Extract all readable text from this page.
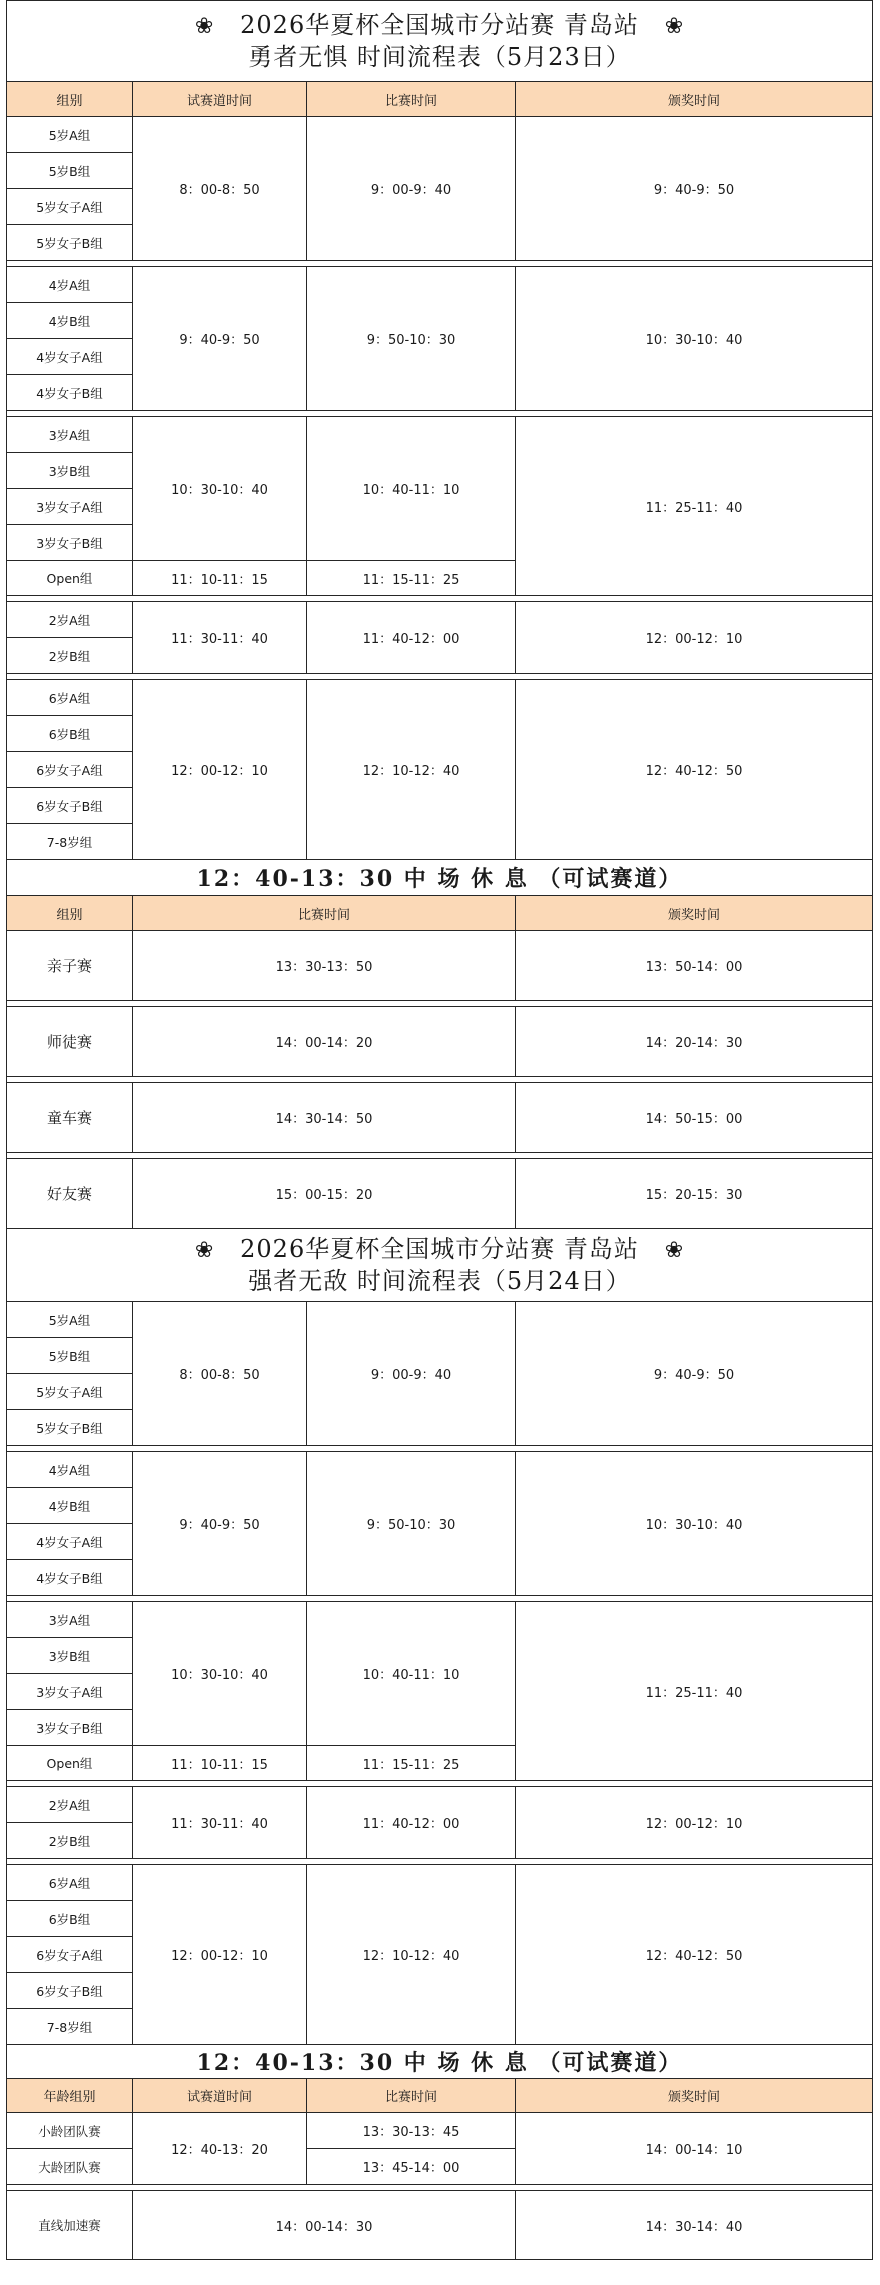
❀ 2026华夏杯全国城市分站赛 青岛站 ❀
勇者无惧 时间流程表（5月23日）			

组别	试赛道时间	比赛时间	颁奖时间
5岁A组	8：00-8：50	9：00-9：40	9：40-9：50
5岁B组			
5岁女子A组			
5岁女子B组			

4岁A组	9：40-9：50	9：50-10：30	10：30-10：40
4岁B组			
4岁女子A组			
4岁女子B组			

3岁A组	10：30-10：40	10：40-11：10	11：25-11：40
3岁B组			
3岁女子A组			
3岁女子B组			
Open组	11：10-11：15	11：15-11：25	

2岁A组	11：30-11：40	11：40-12：00	12：00-12：10
2岁B组			

6岁A组	12：00-12：10	12：10-12：40	12：40-12：50
6岁B组			
6岁女子A组			
6岁女子B组			
7-8岁组			
12：40-13：30 中 场 休 息 （可试赛道）			
组别	比赛时间		颁奖时间
亲子赛	13：30-13：50		13：50-14：00

师徒赛	14：00-14：20		14：20-14：30

童车赛	14：30-14：50		14：50-15：00

好友赛	15：00-15：20		15：20-15：30

❀ 2026华夏杯全国城市分站赛 青岛站 ❀
强者无敌 时间流程表（5月24日）			

5岁A组	8：00-8：50	9：00-9：40	9：40-9：50
5岁B组			
5岁女子A组			
5岁女子B组			

4岁A组	9：40-9：50	9：50-10：30	10：30-10：40
4岁B组			
4岁女子A组			
4岁女子B组			

3岁A组	10：30-10：40	10：40-11：10	11：25-11：40
3岁B组			
3岁女子A组			
3岁女子B组			
Open组	11：10-11：15	11：15-11：25	

2岁A组	11：30-11：40	11：40-12：00	12：00-12：10
2岁B组			

6岁A组	12：00-12：10	12：10-12：40	12：40-12：50
6岁B组			
6岁女子A组			
6岁女子B组			
7-8岁组			
12：40-13：30 中 场 休 息 （可试赛道）			
年龄组别	试赛道时间	比赛时间	颁奖时间
小龄团队赛	12：40-13：20	13：30-13：45	14：00-14：10
大龄团队赛		13：45-14：00	

直线加速赛	14：00-14：30		14：30-14：40
